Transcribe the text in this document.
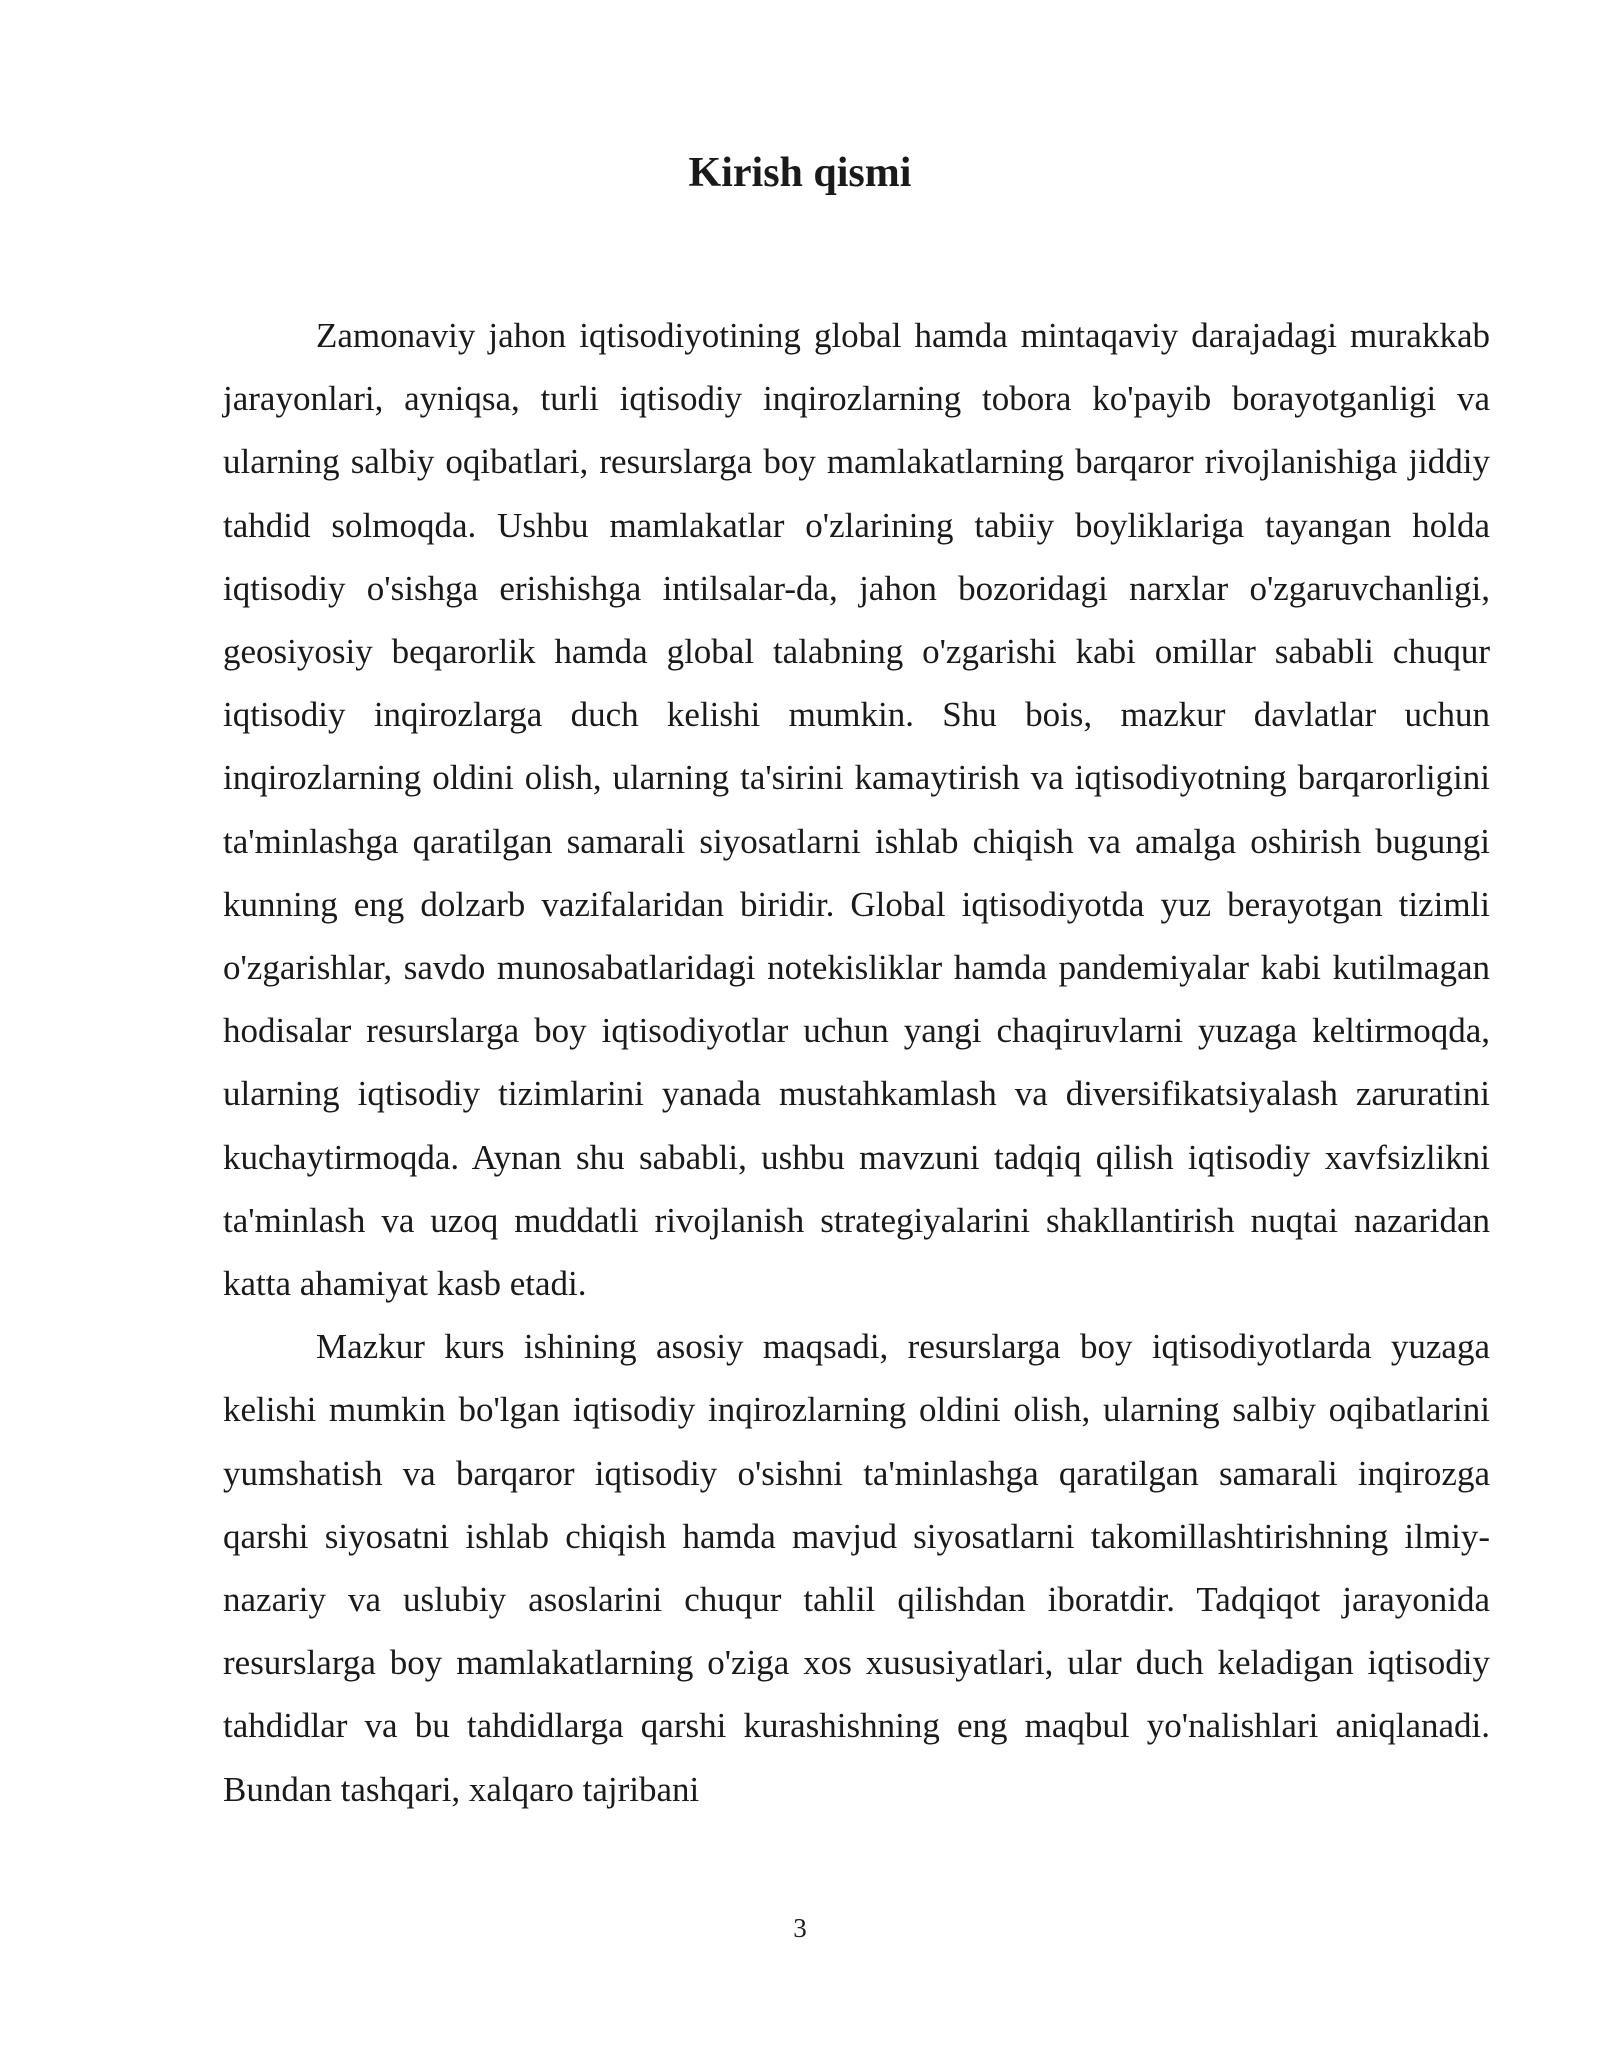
Kirish qismi

Zamonaviy jahon iqtisodiyotining global hamda mintaqaviy darajadagi murakkab jarayonlari, ayniqsa, turli iqtisodiy inqirozlarning tobora ko'payib borayotganligi va ularning salbiy oqibatlari, resurslarga boy mamlakatlarning barqaror rivojlanishiga jiddiy tahdid solmoqda. Ushbu mamlakatlar o'zlarining tabiiy boyliklariga tayangan holda iqtisodiy o'sishga erishishga intilsalar-da, jahon bozoridagi narxlar o'zgaruvchanligi, geosiyosiy beqarorlik hamda global talabning o'zgarishi kabi omillar sababli chuqur iqtisodiy inqirozlarga duch kelishi mumkin. Shu bois, mazkur davlatlar uchun inqirozlarning oldini olish, ularning ta'sirini kamaytirish va iqtisodiyotning barqarorligini ta'minlashga qaratilgan samarali siyosatlarni ishlab chiqish va amalga oshirish bugungi kunning eng dolzarb vazifalaridan biridir. Global iqtisodiyotda yuz berayotgan tizimli o'zgarishlar, savdo munosabatlaridagi notekisliklar hamda pandemiyalar kabi kutilmagan hodisalar resurslarga boy iqtisodiyotlar uchun yangi chaqiruvlarni yuzaga keltirmoqda, ularning iqtisodiy tizimlarini yanada mustahkamlash va diversifikatsiyalash zaruratini kuchaytirmoqda. Aynan shu sababli, ushbu mavzuni tadqiq qilish iqtisodiy xavfsizlikni ta'minlash va uzoq muddatli rivojlanish strategiyalarini shakllantirish nuqtai nazaridan katta ahamiyat kasb etadi.

Mazkur kurs ishining asosiy maqsadi, resurslarga boy iqtisodiyotlarda yuzaga kelishi mumkin bo'lgan iqtisodiy inqirozlarning oldini olish, ularning salbiy oqibatlarini yumshatish va barqaror iqtisodiy o'sishni ta'minlashga qaratilgan samarali inqirozga qarshi siyosatni ishlab chiqish hamda mavjud siyosatlarni takomillashtirishning ilmiy-nazariy va uslubiy asoslarini chuqur tahlil qilishdan iboratdir. Tadqiqot jarayonida resurslarga boy mamlakatlarning o'ziga xos xususiyatlari, ular duch keladigan iqtisodiy tahdidlar va bu tahdidlarga qarshi kurashishning eng maqbul yo'nalishlari aniqlanadi. Bundan tashqari, xalqaro tajribani

3
